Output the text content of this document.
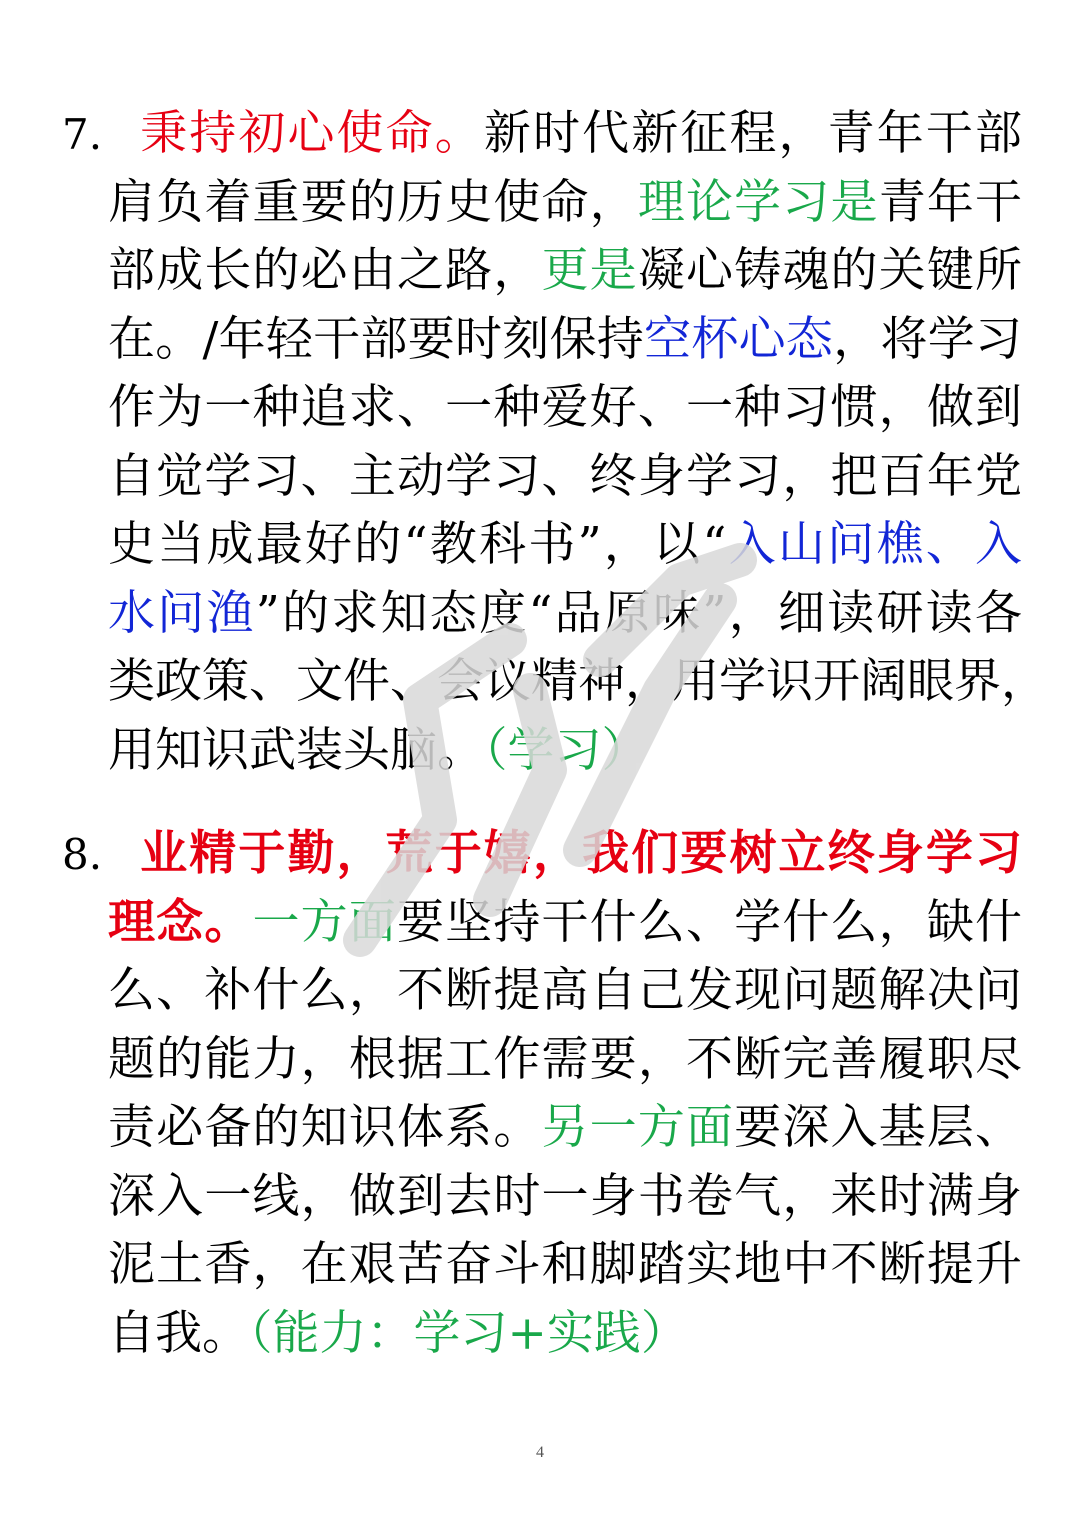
7. 秉持初心使命。新时代新征程，青年干部
肩负着重要的历史使命，理论学习是青年干
部成长的必由之路，更是凝心铸魂的关键所
在。/年轻干部要时刻保持空杯心态，将学习
作为一种追求、一种爱好、一种习惯，做到
自觉学习、主动学习、终身学习，把百年党
史当成最好的“教科书”，以“入山问樵、入
水问渔”的求知态度“品原味”，细读研读各
类政策、文件、会议精神，用学识开阔眼界，
用知识武装头脑。（学习）
8. 业精于勤，荒于嬉，我们要树立终身学习
理念。一方面要坚持干什么、学什么，缺什
么、补什么，不断提高自己发现问题解决问
题的能力，根据工作需要，不断完善履职尽
责必备的知识体系。另一方面要深入基层、
深入一线，做到去时一身书卷气，来时满身
泥土香，在艰苦奋斗和脚踏实地中不断提升
自我。（能力：学习+实践）
4
